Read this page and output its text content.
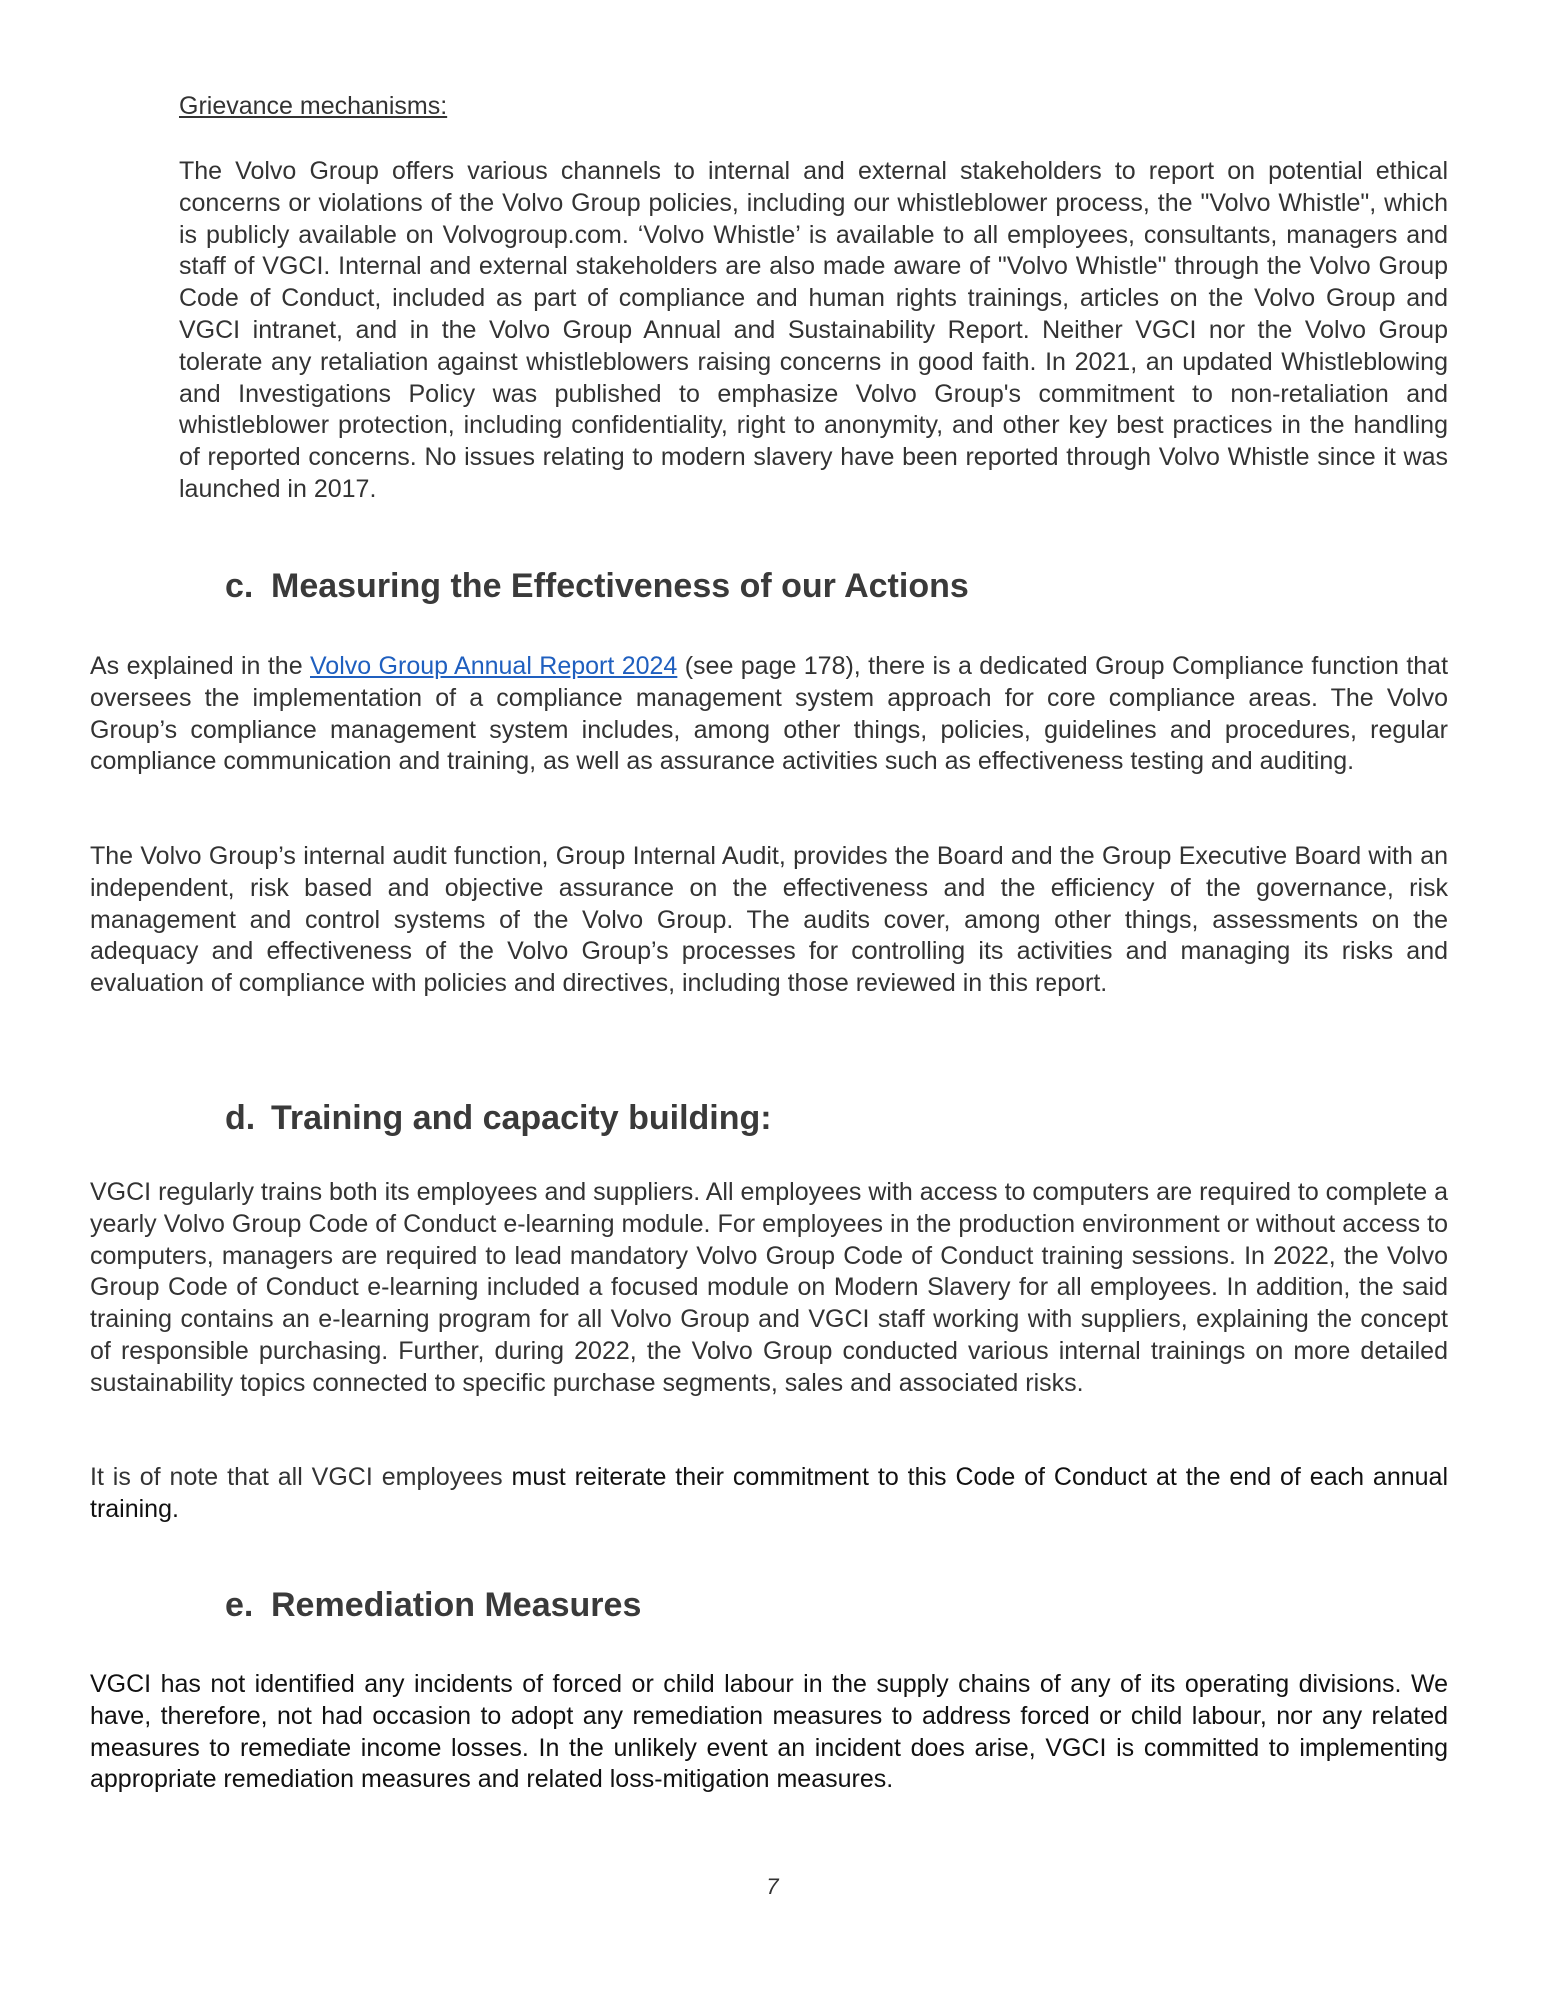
Grievance mechanisms:

The Volvo Group offers various channels to internal and external stakeholders to report on potential ethical concerns or violations of the Volvo Group policies, including our whistleblower process, the "Volvo Whistle", which is publicly available on Volvogroup.com. ‘Volvo Whistle’ is available to all employees, consultants, managers and staff of VGCI. Internal and external stakeholders are also made aware of "Volvo Whistle" through the Volvo Group Code of Conduct, included as part of compliance and human rights trainings, articles on the Volvo Group and VGCI intranet, and in the Volvo Group Annual and Sustainability Report. Neither VGCI nor the Volvo Group tolerate any retaliation against whistleblowers raising concerns in good faith. In 2021, an updated Whistleblowing and Investigations Policy was published to emphasize Volvo Group's commitment to non-retaliation and whistleblower protection, including confidentiality, right to anonymity, and other key best practices in the handling of reported concerns. No issues relating to modern slavery have been reported through Volvo Whistle since it was launched in 2017.

c. Measuring the Effectiveness of our Actions

As explained in the Volvo Group Annual Report 2024 (see page 178), there is a dedicated Group Compliance function that oversees the implementation of a compliance management system approach for core compliance areas. The Volvo Group’s compliance management system includes, among other things, policies, guidelines and procedures, regular compliance communication and training, as well as assurance activities such as effectiveness testing and auditing.

The Volvo Group’s internal audit function, Group Internal Audit, provides the Board and the Group Executive Board with an independent, risk based and objective assurance on the effectiveness and the efficiency of the governance, risk management and control systems of the Volvo Group. The audits cover, among other things, assessments on the adequacy and effectiveness of the Volvo Group’s processes for controlling its activities and managing its risks and evaluation of compliance with policies and directives, including those reviewed in this report.

d. Training and capacity building:

VGCI regularly trains both its employees and suppliers. All employees with access to computers are required to complete a yearly Volvo Group Code of Conduct e-learning module. For employees in the production environment or without access to computers, managers are required to lead mandatory Volvo Group Code of Conduct training sessions. In 2022, the Volvo Group Code of Conduct e-learning included a focused module on Modern Slavery for all employees. In addition, the said training contains an e-learning program for all Volvo Group and VGCI staff working with suppliers, explaining the concept of responsible purchasing. Further, during 2022, the Volvo Group conducted various internal trainings on more detailed sustainability topics connected to specific purchase segments, sales and associated risks.

It is of note that all VGCI employees must reiterate their commitment to this Code of Conduct at the end of each annual training.

e. Remediation Measures

VGCI has not identified any incidents of forced or child labour in the supply chains of any of its operating divisions. We have, therefore, not had occasion to adopt any remediation measures to address forced or child labour, nor any related measures to remediate income losses. In the unlikely event an incident does arise, VGCI is committed to implementing appropriate remediation measures and related loss-mitigation measures.

7
